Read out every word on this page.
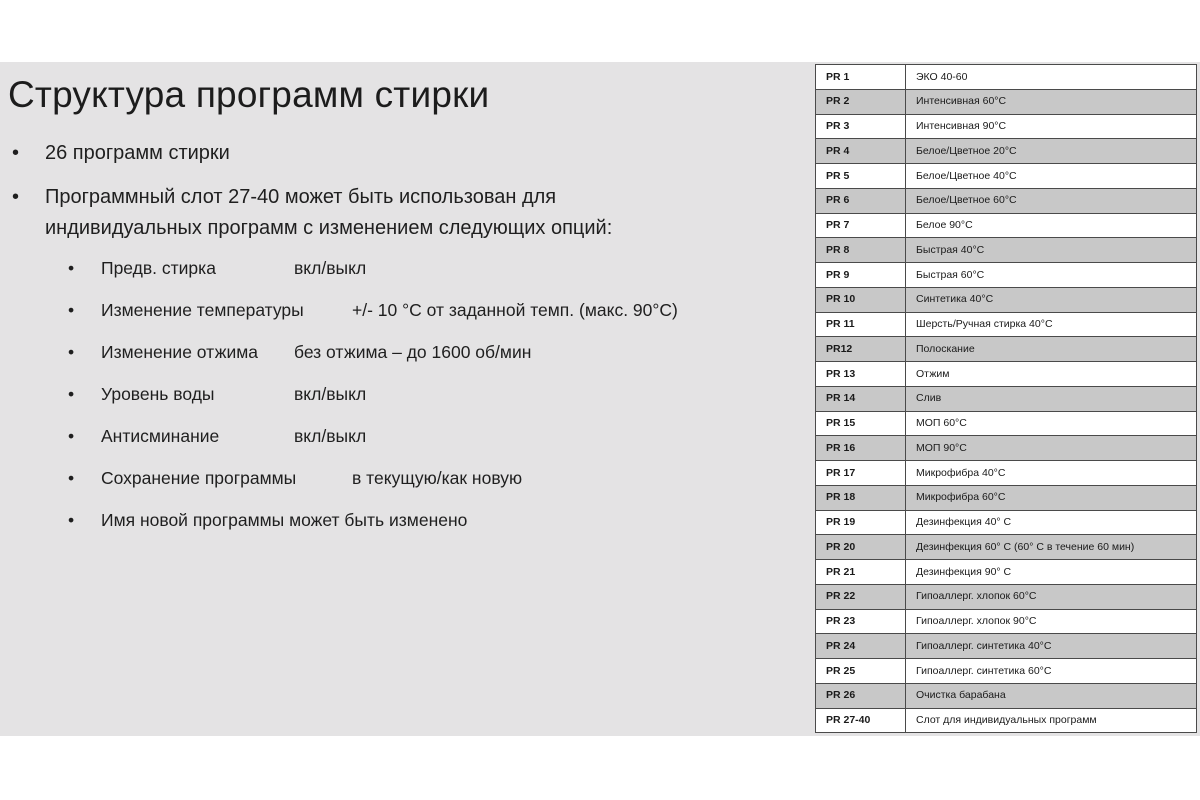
Структура программ стирки
• 26 программ стирки
• Программный слот 27-40 может быть использован для
индивидуальных программ с изменением следующих опций:
• Предв. стирка	вкл/выкл
• Изменение температуры	+/- 10 °C от заданной темп. (макс. 90°C)
• Изменение отжима без отжима – до 1600 об/мин
• Уровень воды	вкл/выкл
• Антисминание	вкл/выкл
• Сохранение программы	в текущую/как новую
• Имя новой программы может быть изменено
PR 1	ЭКО 40-60
PR 2	Интенсивная 60°C
PR 3	Интенсивная 90°C
PR 4	Белое/Цветное 20°C
PR 5	Белое/Цветное 40°C
PR 6	Белое/Цветное 60°C
PR 7	Белое 90°C
PR 8	Быстрая 40°C
PR 9	Быстрая 60°C
PR 10	Синтетика 40°C
PR 11	Шерсть/Ручная стирка 40°C
PR12	Полоскание
PR 13	Отжим
PR 14	Слив
PR 15	МОП 60°C
PR 16	МОП 90°C
PR 17	Микрофибра 40°C
PR 18	Микрофибра 60°C
PR 19	Дезинфекция 40° С
PR 20	Дезинфекция 60° С (60° С в течение 60 мин)
PR 21	Дезинфекция 90° С
PR 22	Гипоаллерг. хлопок 60°C
PR 23	Гипоаллерг. хлопок 90°C
PR 24	Гипоаллерг. синтетика 40°C
PR 25	Гипоаллерг. синтетика 60°C
PR 26	Очистка барабана
PR 27-40	Слот для индивидуальных программ
